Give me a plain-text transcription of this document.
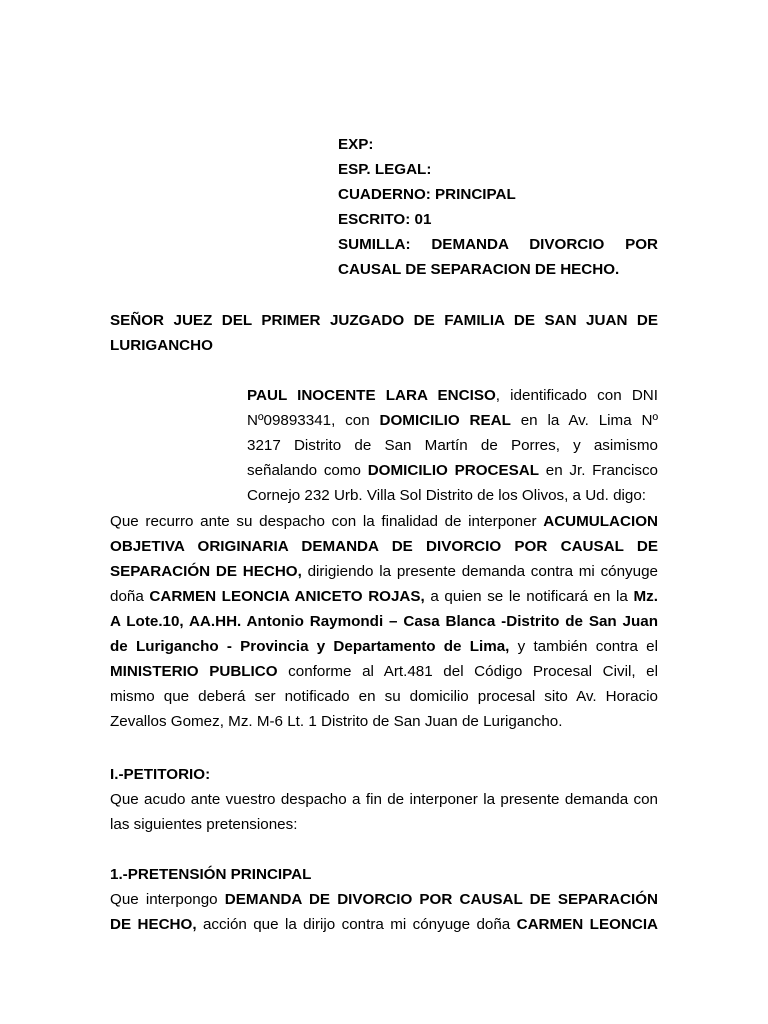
EXP:
ESP. LEGAL:
CUADERNO: PRINCIPAL
ESCRITO: 01
SUMILLA: DEMANDA DIVORCIO POR
CAUSAL DE SEPARACION DE HECHO.
SEÑOR JUEZ DEL PRIMER JUZGADO DE FAMILIA DE SAN JUAN DE
LURIGANCHO
PAUL INOCENTE LARA ENCISO, identificado con DNI
Nº09893341, con DOMICILIO REAL en la Av. Lima Nº
3217 Distrito de San Martín de Porres, y asimismo
señalando como DOMICILIO PROCESAL en Jr. Francisco
Cornejo 232 Urb. Villa Sol Distrito de los Olivos, a Ud. digo:
Que recurro ante su despacho con la finalidad de interponer ACUMULACION
OBJETIVA ORIGINARIA DEMANDA DE DIVORCIO POR CAUSAL DE
SEPARACIÓN DE HECHO, dirigiendo la presente demanda contra mi cónyuge
doña CARMEN LEONCIA ANICETO ROJAS, a quien se le notificará en la Mz.
A Lote.10, AA.HH. Antonio Raymondi – Casa Blanca -Distrito de San Juan
de Lurigancho - Provincia y Departamento de Lima, y también contra el
MINISTERIO PUBLICO conforme al Art.481 del Código Procesal Civil, el
mismo que deberá ser notificado en su domicilio procesal sito Av. Horacio
Zevallos Gomez, Mz. M-6 Lt. 1 Distrito de San Juan de Lurigancho.
I.-PETITORIO:
Que acudo ante vuestro despacho a fin de interponer la presente demanda con
las siguientes pretensiones:
1.-PRETENSIÓN PRINCIPAL
Que interpongo DEMANDA DE DIVORCIO POR CAUSAL DE SEPARACIÓN
DE HECHO, acción que la dirijo contra mi cónyuge doña CARMEN LEONCIA
